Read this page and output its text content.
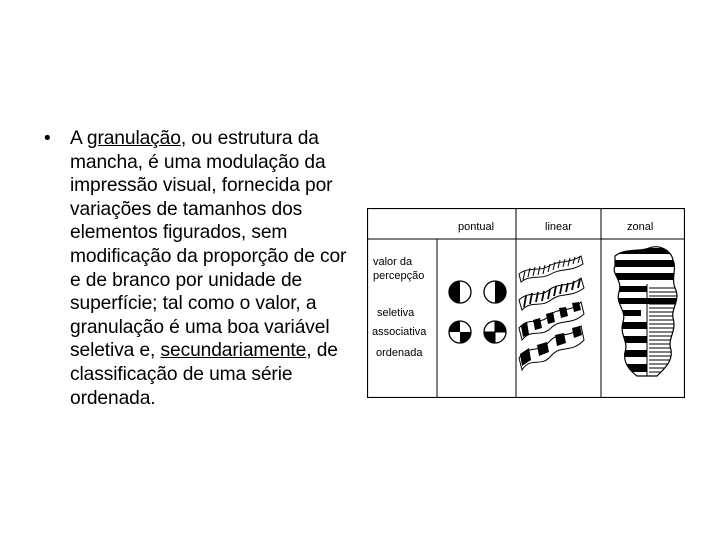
• A granulação, ou estrutura da mancha, é uma modulação da impressão visual, fornecida por variações de tamanhos dos elementos figurados, sem modificação da proporção de cor e de branco por unidade de superfície; tal como o valor, a granulação é uma boa variável seletiva e, secundariamente, de classificação de uma série ordenada.
pontual	linear	zonal
valor da
percepção
seletiva
associativa
ordenada
